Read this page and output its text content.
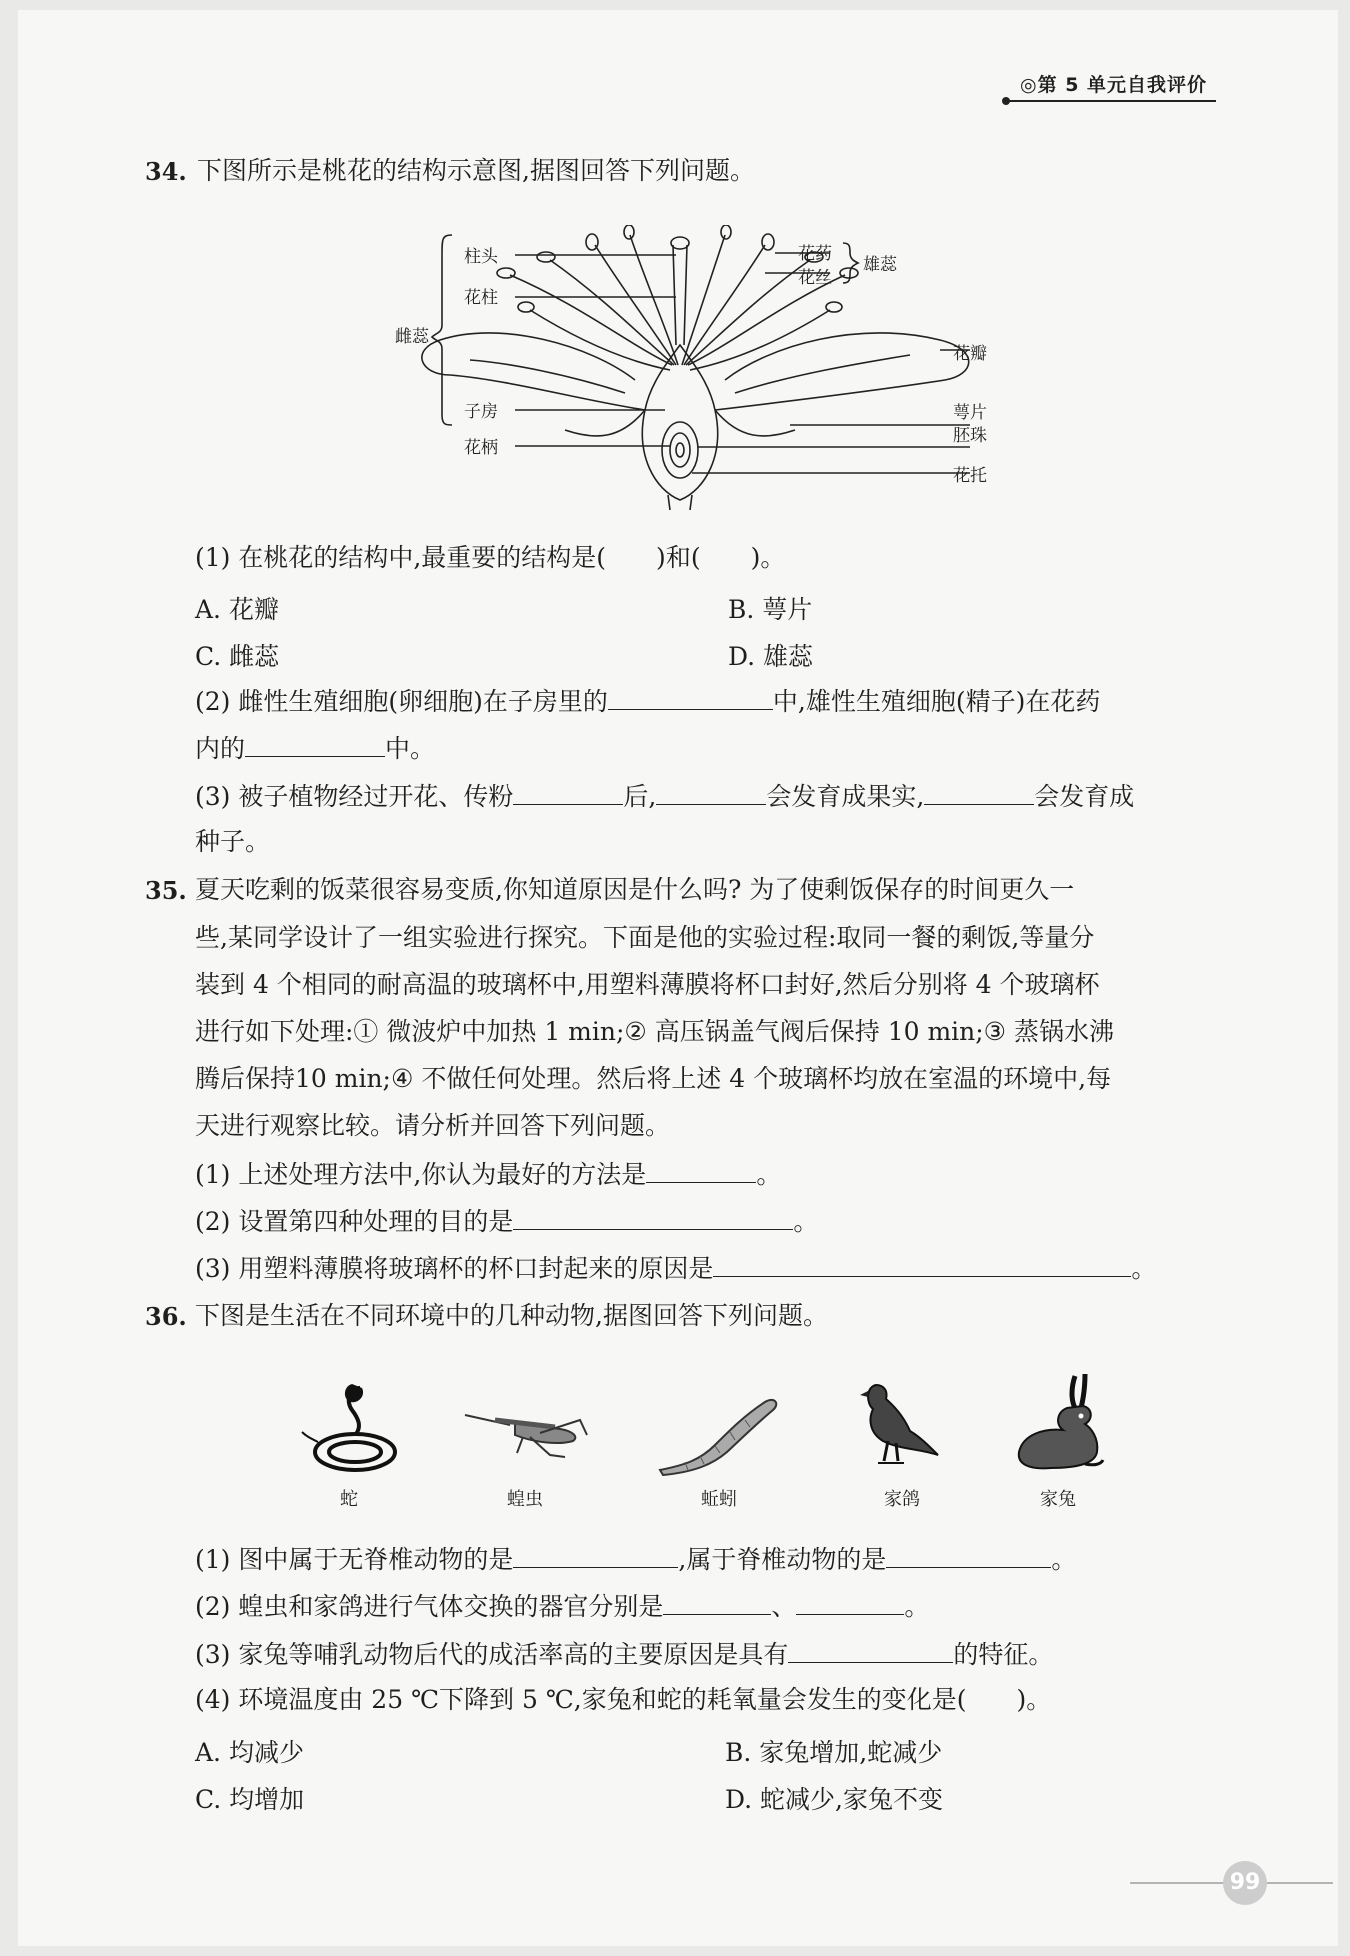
◎第 5 单元自我评价
34. 下图所示是桃花的结构示意图,据图回答下列问题。
柱头
花柱
雌蕊
子房
花柄
花药
花丝
雄蕊
花瓣
萼片
胚珠
花托
(1) 在桃花的结构中,最重要的结构是(　　)和(　　)。
A. 花瓣	B. 萼片
C. 雌蕊	D. 雄蕊
(2) 雌性生殖细胞(卵细胞)在子房里的	中,雄性生殖细胞(精子)在花药
内的	中。
(3) 被子植物经过开花、传粉	后,	会发育成果实,	会发育成
种子。
35. 夏天吃剩的饭菜很容易变质,你知道原因是什么吗? 为了使剩饭保存的时间更久一
些,某同学设计了一组实验进行探究。下面是他的实验过程:取同一餐的剩饭,等量分
装到 4 个相同的耐高温的玻璃杯中,用塑料薄膜将杯口封好,然后分别将 4 个玻璃杯
进行如下处理:① 微波炉中加热 1 min;② 高压锅盖气阀后保持 10 min;③ 蒸锅水沸
腾后保持10 min;④ 不做任何处理。然后将上述 4 个玻璃杯均放在室温的环境中,每
天进行观察比较。请分析并回答下列问题。
(1) 上述处理方法中,你认为最好的方法是	。
(2) 设置第四种处理的目的是	。
(3) 用塑料薄膜将玻璃杯的杯口封起来的原因是	。
36. 下图是生活在不同环境中的几种动物,据图回答下列问题。
蛇	蝗虫	蚯蚓	家鸽	家兔
(1) 图中属于无脊椎动物的是	,属于脊椎动物的是	。
(2) 蝗虫和家鸽进行气体交换的器官分别是	、	。
(3) 家兔等哺乳动物后代的成活率高的主要原因是具有	的特征。
(4) 环境温度由 25 ℃下降到 5 ℃,家兔和蛇的耗氧量会发生的变化是(　　)。
A. 均减少	B. 家兔增加,蛇减少
C. 均增加	D. 蛇减少,家兔不变
99
